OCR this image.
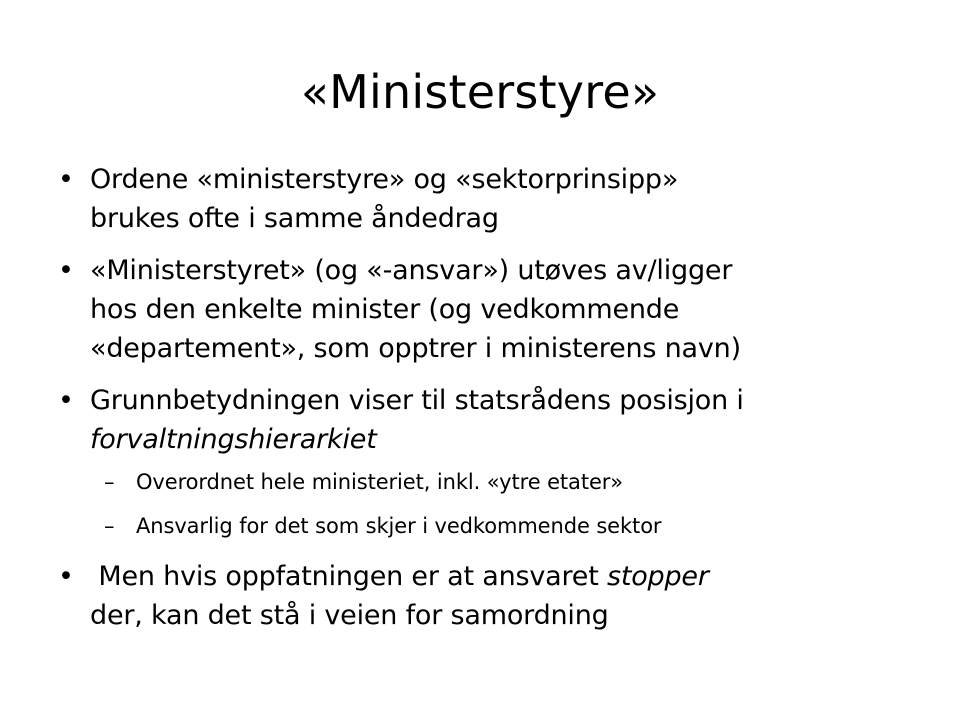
«Ministerstyre»
• Ordene «ministerstyre» og «sektorprinsipp»
brukes ofte i samme åndedrag
• «Ministerstyret» (og «-ansvar») utøves av/ligger
hos den enkelte minister (og vedkommende
«departement», som opptrer i ministerens navn)
• Grunnbetydningen viser til statsrådens posisjon i
forvaltningshierarkiet
–	Overordnet hele ministeriet, inkl. «ytre etater»
–	Ansvarlig for det som skjer i vedkommende sektor
• Men hvis oppfatningen er at ansvaret stopper
der, kan det stå i veien for samordning
